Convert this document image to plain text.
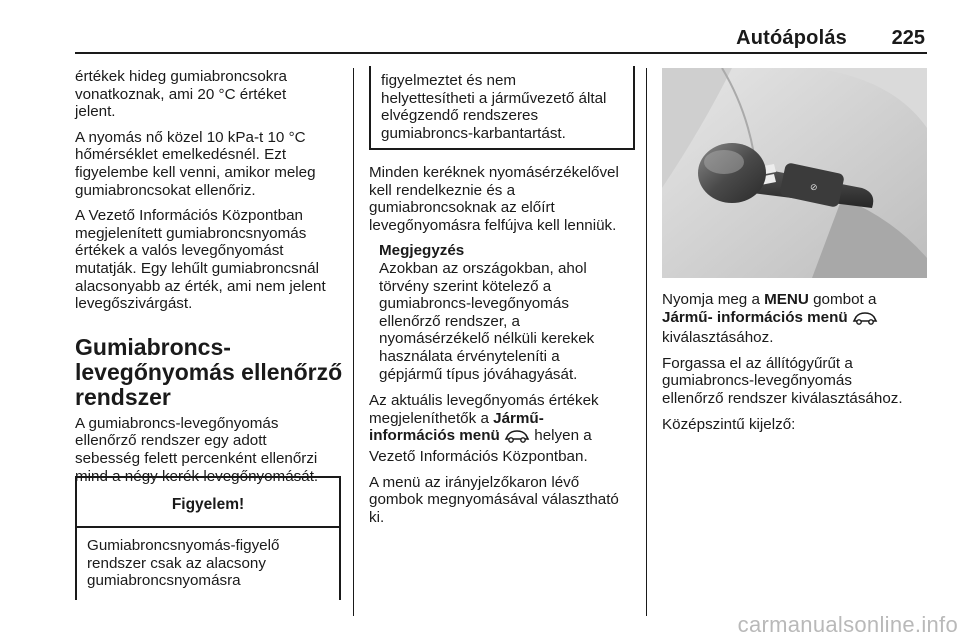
Autóápolás 225

értékek hideg gumiabroncsokra
vonatkoznak, ami 20 °C értéket
jelent.

A nyomás nő közel 10 kPa-t 10 °C
hőmérséklet emelkedésnél. Ezt
figyelembe kell venni, amikor meleg
gumiabroncsokat ellenőriz.

A Vezető Információs Központban
megjelenített gumiabroncsnyomás
értékek a valós levegőnyomást
mutatják. Egy lehűlt gumiabroncsnál
alacsonyabb az érték, ami nem jelent
levegőszivárgást.

Gumiabroncs-
levegőnyomás ellenőrző
rendszer

A gumiabroncs-levegőnyomás
ellenőrző rendszer egy adott
sebesség felett percenként ellenőrzi
mind a négy kerék levegőnyomását.

Figyelem!
Gumiabroncsnyomás-figyelő
rendszer csak az alacsony
gumiabroncsnyomásra
figyelmeztet és nem
helyettesítheti a járművezető által
elvégzendő rendszeres
gumiabroncs-karbantartást.

Minden keréknek nyomásérzékelővel
kell rendelkeznie és a
gumiabroncsoknak az előírt
levegőnyomásra felfújva kell lenniük.

Megjegyzés
Azokban az országokban, ahol
törvény szerint kötelező a
gumiabroncs-levegőnyomás
ellenőrző rendszer, a
nyomásérzékelő nélküli kerekek
használata érvényteleníti a
gépjármű típus jóváhagyását.

Az aktuális levegőnyomás értékek
megjeleníthetők a Jármű-
információs menü  helyen a
Vezető Információs Központban.

A menü az irányjelzőkaron lévő
gombok megnyomásával választható
ki.

⊘

Nyomja meg a MENU gombot a
Jármű- információs menü
kiválasztásához.

Forgassa el az állítógyűrűt a
gumiabroncs-levegőnyomás
ellenőrző rendszer kiválasztásához.

Középszintű kijelző:

carmanualsonline.info
